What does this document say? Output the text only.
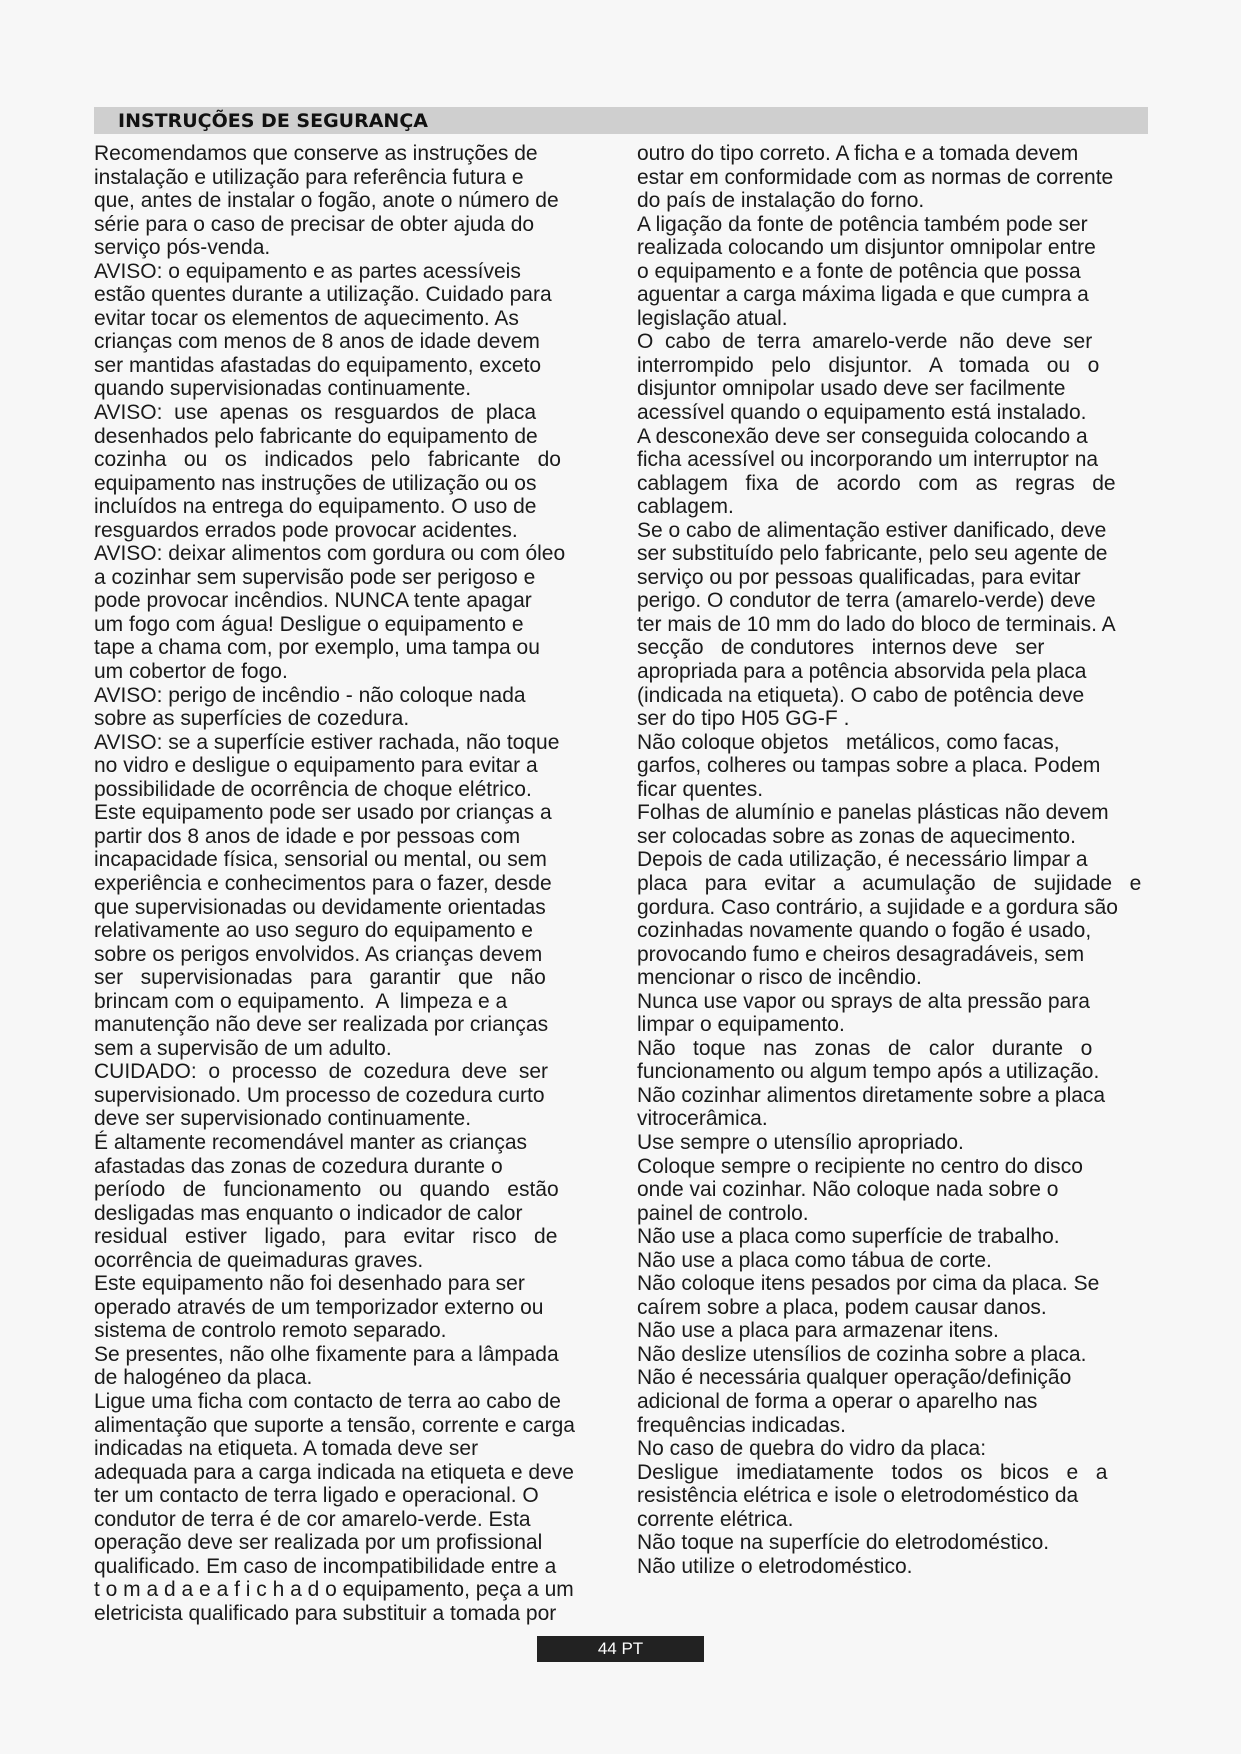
INSTRUÇÕES DE SEGURANÇA
Recomendamos que conserve as instruções de
instalação e utilização para referência futura e
que, antes de instalar o fogão, anote o número de
série para o caso de precisar de obter ajuda do
serviço pós-venda.
AVISO: o equipamento e as partes acessíveis
estão quentes durante a utilização. Cuidado para
evitar tocar os elementos de aquecimento. As
crianças com menos de 8 anos de idade devem
ser mantidas afastadas do equipamento, exceto
quando supervisionadas continuamente.
AVISO:  use  apenas  os  resguardos  de  placa
desenhados pelo fabricante do equipamento de
cozinha   ou   os   indicados   pelo   fabricante   do
equipamento nas instruções de utilização ou os
incluídos na entrega do equipamento. O uso de
resguardos errados pode provocar acidentes.
AVISO: deixar alimentos com gordura ou com óleo
a cozinhar sem supervisão pode ser perigoso e
pode provocar incêndios. NUNCA tente apagar
um fogo com água! Desligue o equipamento e
tape a chama com, por exemplo, uma tampa ou
um cobertor de fogo.
AVISO: perigo de incêndio - não coloque nada
sobre as superfícies de cozedura.
AVISO: se a superfície estiver rachada, não toque
no vidro e desligue o equipamento para evitar a
possibilidade de ocorrência de choque elétrico.
Este equipamento pode ser usado por crianças a
partir dos 8 anos de idade e por pessoas com
incapacidade física, sensorial ou mental, ou sem
experiência e conhecimentos para o fazer, desde
que supervisionadas ou devidamente orientadas
relativamente ao uso seguro do equipamento e
sobre os perigos envolvidos. As crianças devem
ser   supervisionadas   para   garantir   que   não
brincam com o equipamento.  A  limpeza e a
manutenção não deve ser realizada por crianças
sem a supervisão de um adulto.
CUIDADO:  o  processo  de  cozedura  deve  ser
supervisionado. Um processo de cozedura curto
deve ser supervisionado continuamente.
É altamente recomendável manter as crianças
afastadas das zonas de cozedura durante o
período   de   funcionamento   ou   quando   estão
desligadas mas enquanto o indicador de calor
residual   estiver   ligado,   para   evitar   risco   de
ocorrência de queimaduras graves.
Este equipamento não foi desenhado para ser
operado através de um temporizador externo ou
sistema de controlo remoto separado.
Se presentes, não olhe fixamente para a lâmpada
de halogéneo da placa.
Ligue uma ficha com contacto de terra ao cabo de
alimentação que suporte a tensão, corrente e carga
indicadas na etiqueta. A tomada deve ser
adequada para a carga indicada na etiqueta e deve
ter um contacto de terra ligado e operacional. O
condutor de terra é de cor amarelo-verde. Esta
operação deve ser realizada por um profissional
qualificado. Em caso de incompatibilidade entre a
t o m a d a e a f i c h a d o equipamento, peça a um
eletricista qualificado para substituir a tomada por
outro do tipo correto. A ficha e a tomada devem
estar em conformidade com as normas de corrente
do país de instalação do forno.
A ligação da fonte de potência também pode ser
realizada colocando um disjuntor omnipolar entre
o equipamento e a fonte de potência que possa
aguentar a carga máxima ligada e que cumpra a
legislação atual.
O  cabo  de  terra  amarelo-verde  não  deve  ser
interrompido   pelo   disjuntor.   A   tomada   ou   o
disjuntor omnipolar usado deve ser facilmente
acessível quando o equipamento está instalado.
A desconexão deve ser conseguida colocando a
ficha acessível ou incorporando um interruptor na
cablagem   fixa   de   acordo   com   as   regras   de
cablagem.
Se o cabo de alimentação estiver danificado, deve
ser substituído pelo fabricante, pelo seu agente de
serviço ou por pessoas qualificadas, para evitar
perigo. O condutor de terra (amarelo-verde) deve
ter mais de 10 mm do lado do bloco de terminais. A
secção   de condutores   internos deve   ser
apropriada para a potência absorvida pela placa
(indicada na etiqueta). O cabo de potência deve
ser do tipo H05 GG-F .
Não coloque objetos   metálicos, como facas,
garfos, colheres ou tampas sobre a placa. Podem
ficar quentes.
Folhas de alumínio e panelas plásticas não devem
ser colocadas sobre as zonas de aquecimento.
Depois de cada utilização, é necessário limpar a
placa   para   evitar   a   acumulação   de   sujidade   e
gordura. Caso contrário, a sujidade e a gordura são
cozinhadas novamente quando o fogão é usado,
provocando fumo e cheiros desagradáveis, sem
mencionar o risco de incêndio.
Nunca use vapor ou sprays de alta pressão para
limpar o equipamento.
Não   toque   nas   zonas   de   calor   durante   o
funcionamento ou algum tempo após a utilização.
Não cozinhar alimentos diretamente sobre a placa
vitrocerâmica.
Use sempre o utensílio apropriado.
Coloque sempre o recipiente no centro do disco
onde vai cozinhar. Não coloque nada sobre o
painel de controlo.
Não use a placa como superfície de trabalho.
Não use a placa como tábua de corte.
Não coloque itens pesados por cima da placa. Se
caírem sobre a placa, podem causar danos.
Não use a placa para armazenar itens.
Não deslize utensílios de cozinha sobre a placa.
Não é necessária qualquer operação/definição
adicional de forma a operar o aparelho nas
frequências indicadas.
No caso de quebra do vidro da placa:
Desligue   imediatamente   todos   os   bicos   e   a
resistência elétrica e isole o eletrodoméstico da
corrente elétrica.
Não toque na superfície do eletrodoméstico.
Não utilize o eletrodoméstico.
44 PT
